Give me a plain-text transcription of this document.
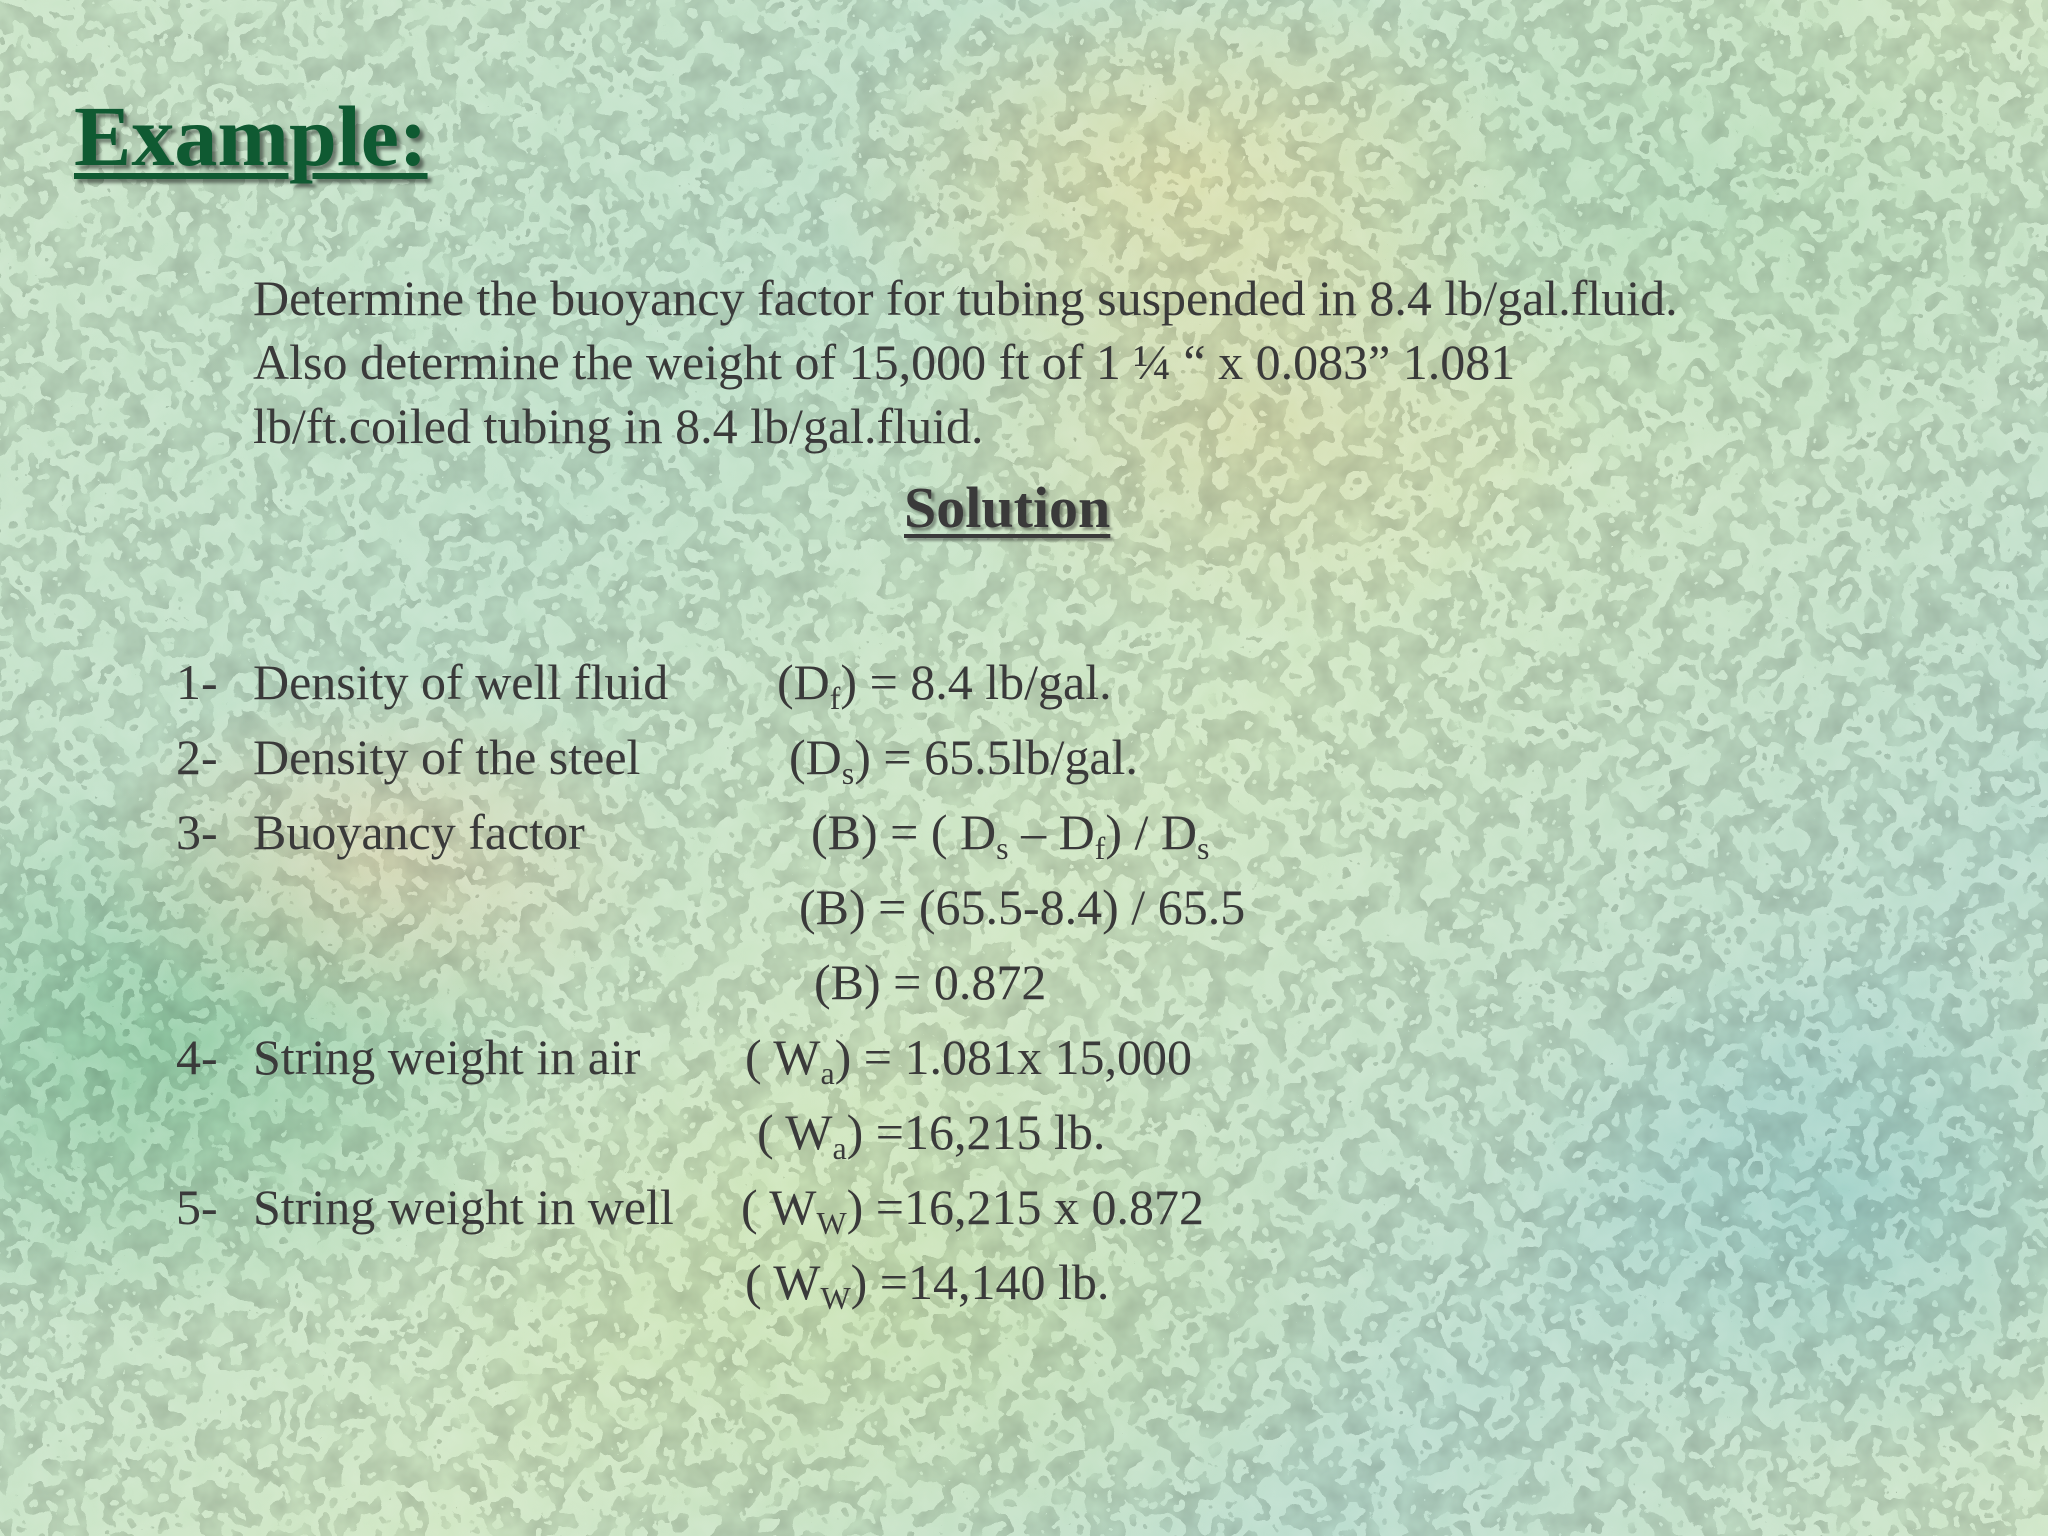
Example:

Determine the buoyancy factor for tubing suspended in 8.4 lb/gal.fluid.

Also determine the weight of 15,000 ft of 1 ¼ “ x 0.083” 1.081

lb/ft.coiled tubing in 8.4 lb/gal.fluid.

Solution
1- Density of well fluid $(D_f) = 8.4$ lb/gal.
2- Density of the steel	$(D_s) = 65.5lb/gal$.
3- Buoyancy factor	(B) = ( $D_s - D_f) / D_s$
(B) = (65.5-8.4) / 65.5
(B) = 0.872
4- String weight in air ( $W_a) = 1.081x$ 15,000
( $W_a) =16,215$ lb.
5- String weight in well ( $W_W) =16,215$ x 0.872
( $W_W) =14,140$ lb.
